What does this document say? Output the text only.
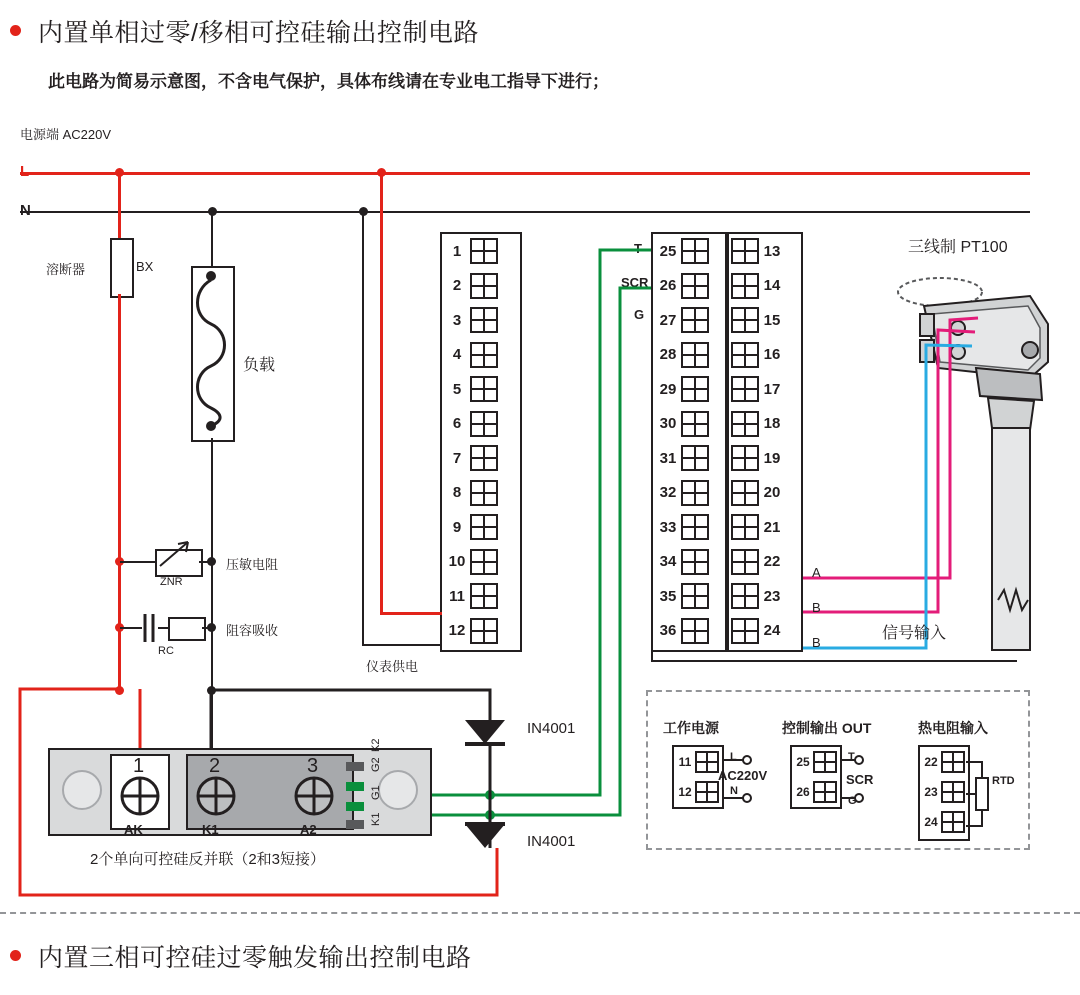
内置单相过零/移相可控硅输出控制电路
此电路为简易示意图，不含电气保护，具体布线请在专业电工指导下进行；
电源端 AC220V
溶断器	BX
负载
ZNR
压敏电阻
RC
阻容吸收
1
2
3
4
5
6
7
8
9
10
11
12
25
26
27
28
29
30
31
32
33
34
35
36
13
14
15
16
17
18
19
20
21
22
23
24
仪表供电
T
SCR
G
IN4001
IN4001
1	2	3
AK	K1	A2
K2
G2
G1
K1
2个单向可控硅反并联（2和3短接）
三线制 PT100
A
B
B
信号输入
工作电源	控制输出 OUT	热电阻输入
11
12
L
N
AC220V
25
26
T
G
SCR
22
23
24
RTD
内置三相可控硅过零触发输出控制电路
